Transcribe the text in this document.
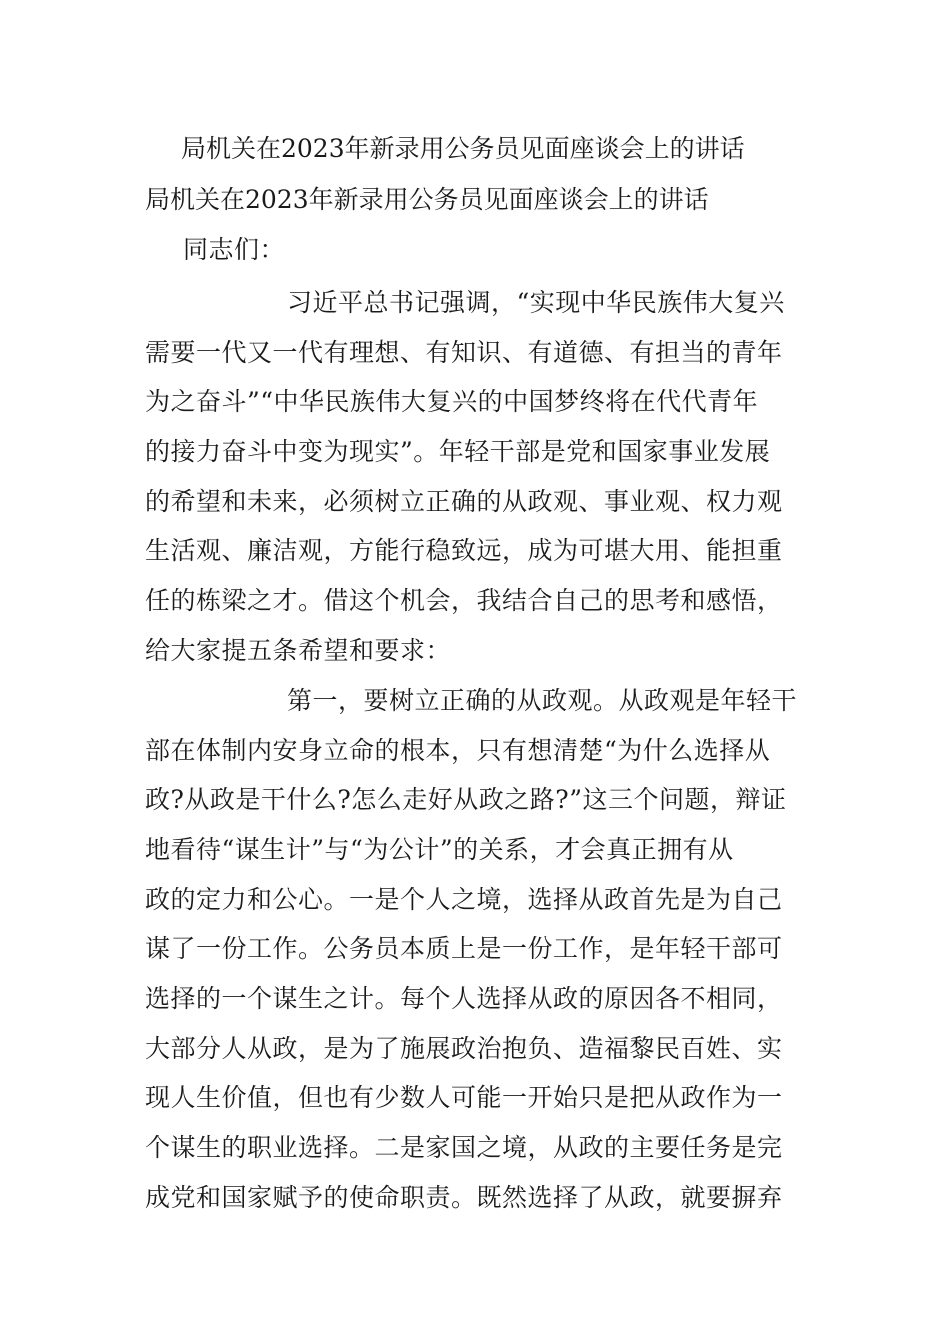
局机关在2023年新录用公务员见面座谈会上的讲话
局机关在2023年新录用公务员见面座谈会上的讲话
同志们：
习近平总书记强调，“实现中华民族伟大复兴
需要一代又一代有理想、有知识、有道德、有担当的青年
为之奋斗”“中华民族伟大复兴的中国梦终将在代代青年
的接力奋斗中变为现实”。年轻干部是党和国家事业发展
的希望和未来，必须树立正确的从政观、事业观、权力观
生活观、廉洁观，方能行稳致远，成为可堪大用、能担重
任的栋梁之才。借这个机会，我结合自己的思考和感悟，
给大家提五条希望和要求：
第一，要树立正确的从政观。从政观是年轻干
部在体制内安身立命的根本，只有想清楚“为什么选择从
政?从政是干什么?怎么走好从政之路?”这三个问题，辩证
地看待“谋生计”与“为公计”的关系，才会真正拥有从
政的定力和公心。一是个人之境，选择从政首先是为自己
谋了一份工作。公务员本质上是一份工作，是年轻干部可
选择的一个谋生之计。每个人选择从政的原因各不相同，
大部分人从政，是为了施展政治抱负、造福黎民百姓、实
现人生价值，但也有少数人可能一开始只是把从政作为一
个谋生的职业选择。二是家国之境，从政的主要任务是完
成党和国家赋予的使命职责。既然选择了从政，就要摒弃
